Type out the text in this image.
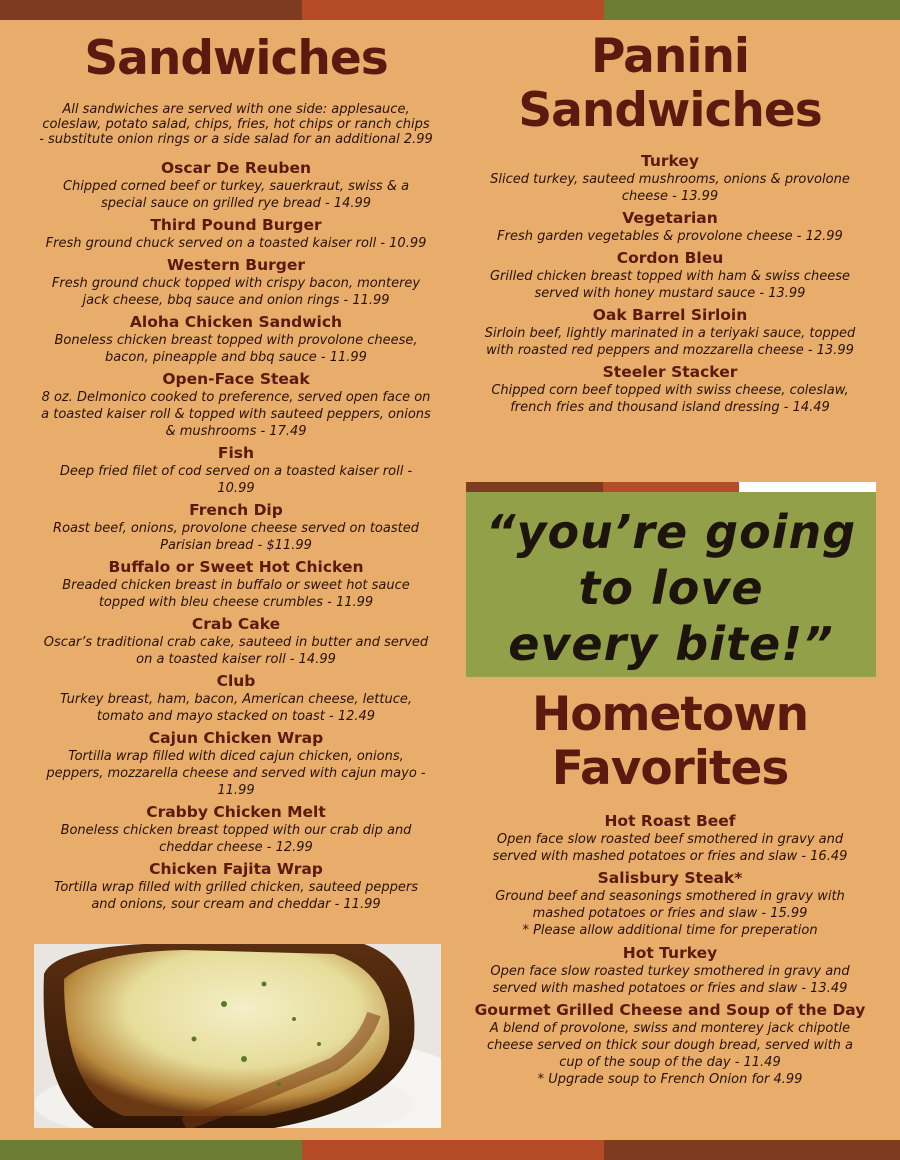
Sandwiches
All sandwiches are served with one side: applesauce, coleslaw, potato salad, chips, fries, hot chips or ranch chips - substitute onion rings or a side salad for an additional 2.99
Oscar De Reuben
Chipped corned beef or turkey, sauerkraut, swiss & a special sauce on grilled rye bread - 14.99
Third Pound Burger
Fresh ground chuck served on a toasted kaiser roll - 10.99
Western Burger
Fresh ground chuck topped with crispy bacon, monterey jack cheese, bbq sauce and onion rings - 11.99
Aloha Chicken Sandwich
Boneless chicken breast topped with provolone cheese, bacon, pineapple and bbq sauce - 11.99
Open-Face Steak
8 oz. Delmonico cooked to preference, served open face on a toasted kaiser roll & topped with sauteed peppers, onions & mushrooms - 17.49
Fish
Deep fried filet of cod served on a toasted kaiser roll - 10.99
French Dip
Roast beef, onions, provolone cheese served on toasted Parisian bread - $11.99
Buffalo or Sweet Hot Chicken
Breaded chicken breast in buffalo or sweet hot sauce topped with bleu cheese crumbles - 11.99
Crab Cake
Oscar’s traditional crab cake, sauteed in butter and served on a toasted kaiser roll - 14.99
Club
Turkey breast, ham, bacon, American cheese, lettuce, tomato and mayo stacked on toast - 12.49
Cajun Chicken Wrap
Tortilla wrap filled with diced cajun chicken, onions, peppers, mozzarella cheese and served with cajun mayo - 11.99
Crabby Chicken Melt
Boneless chicken breast topped with our crab dip and cheddar cheese - 12.99
Chicken Fajita Wrap
Tortilla wrap filled with grilled chicken, sauteed peppers and onions, sour cream and cheddar - 11.99
Panini
Sandwiches
Turkey
Sliced turkey, sauteed mushrooms, onions & provolone cheese - 13.99
Vegetarian
Fresh garden vegetables & provolone cheese - 12.99
Cordon Bleu
Grilled chicken breast topped with ham & swiss cheese served with honey mustard sauce - 13.99
Oak Barrel Sirloin
Sirloin beef, lightly marinated in a teriyaki sauce, topped with roasted red peppers and mozzarella cheese - 13.99
Steeler Stacker
Chipped corn beef topped with swiss cheese, coleslaw, french fries and thousand island dressing - 14.49
“you’re going
to love
every bite!”
Hometown
Favorites
Hot Roast Beef
Open face slow roasted beef smothered in gravy and served with mashed potatoes or fries and slaw - 16.49
Salisbury Steak*
Ground beef and seasonings smothered in gravy with mashed potatoes or fries and slaw - 15.99
* Please allow additional time for preperation
Hot Turkey
Open face slow roasted turkey smothered in gravy and served with mashed potatoes or fries and slaw - 13.49
Gourmet Grilled Cheese and Soup of the Day
A blend of provolone, swiss and monterey jack chipotle cheese served on thick sour dough bread, served with a cup of the soup of the day - 11.49
* Upgrade soup to French Onion for 4.99
